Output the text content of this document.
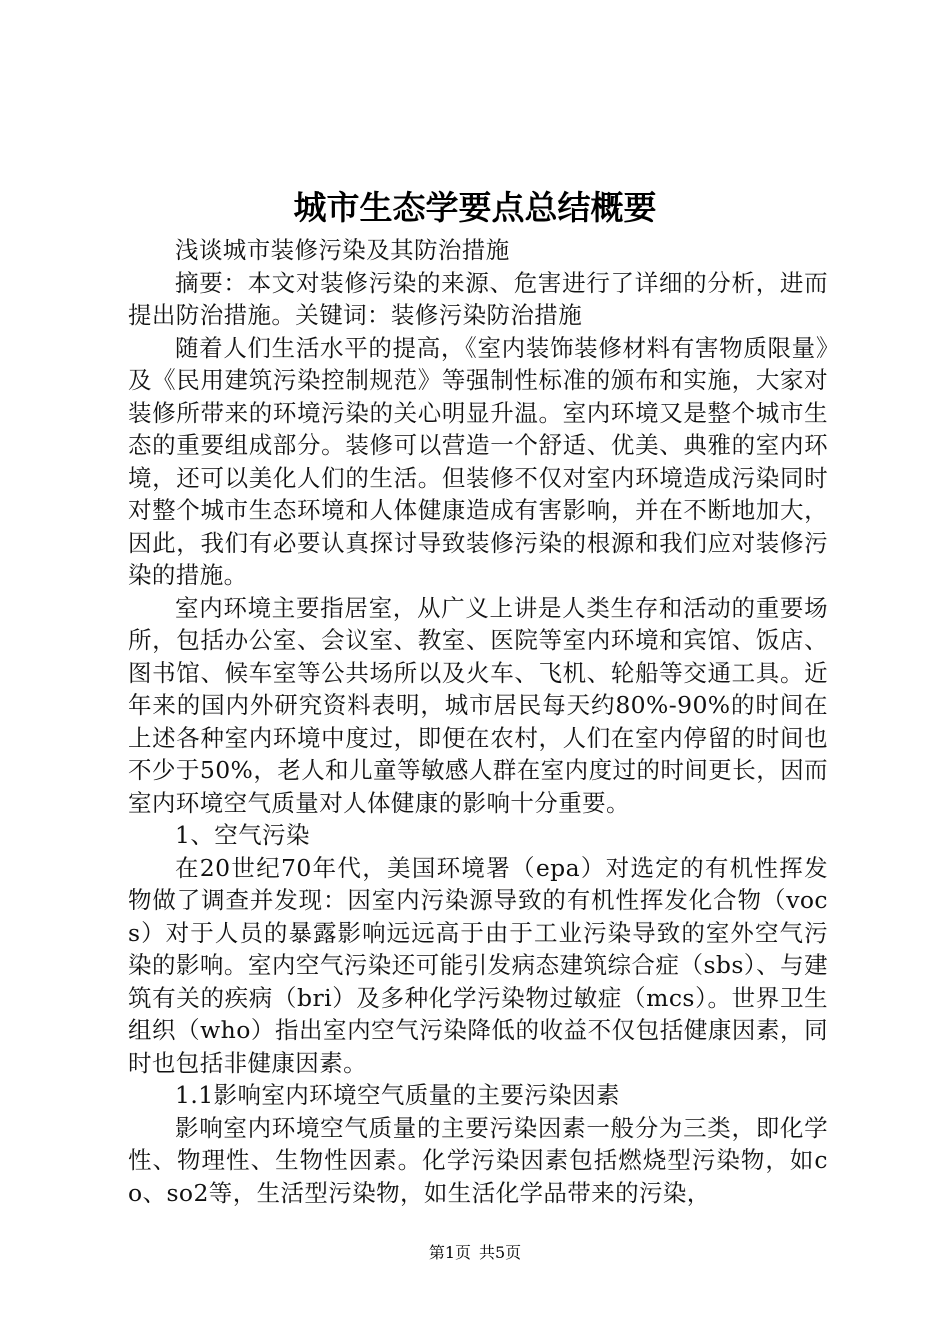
城市生态学要点总结概要

浅谈城市装修污染及其防治措施

摘要：本文对装修污染的来源、危害进行了详细的分析，进而提出防治措施。关键词：装修污染防治措施

随着人们生活水平的提高，《室内装饰装修材料有害物质限量》及《民用建筑污染控制规范》等强制性标准的颁布和实施，大家对装修所带来的环境污染的关心明显升温。室内环境又是整个城市生态的重要组成部分。装修可以营造一个舒适、优美、典雅的室内环境，还可以美化人们的生活。但装修不仅对室内环境造成污染同时对整个城市生态环境和人体健康造成有害影响，并在不断地加大，因此，我们有必要认真探讨导致装修污染的根源和我们应对装修污染的措施。

室内环境主要指居室，从广义上讲是人类生存和活动的重要场所，包括办公室、会议室、教室、医院等室内环境和宾馆、饭店、图书馆、候车室等公共场所以及火车、飞机、轮船等交通工具。近年来的国内外研究资料表明，城市居民每天约80%-90%的时间在上述各种室内环境中度过，即便在农村，人们在室内停留的时间也不少于50%，老人和儿童等敏感人群在室内度过的时间更长，因而室内环境空气质量对人体健康的影响十分重要。

1、空气污染

在20世纪70年代，美国环境署（epa）对选定的有机性挥发物做了调查并发现：因室内污染源导致的有机性挥发化合物（vocs）对于人员的暴露影响远远高于由于工业污染导致的室外空气污染的影响。室内空气污染还可能引发病态建筑综合症（sbs）、与建筑有关的疾病（bri）及多种化学污染物过敏症（mcs）。世界卫生组织（who）指出室内空气污染降低的收益不仅包括健康因素，同时也包括非健康因素。

1.1影响室内环境空气质量的主要污染因素

影响室内环境空气质量的主要污染因素一般分为三类，即化学性、物理性、生物性因素。化学污染因素包括燃烧型污染物，如co、so2等，生活型污染物，如生活化学品带来的污染，

第1页 共5页
